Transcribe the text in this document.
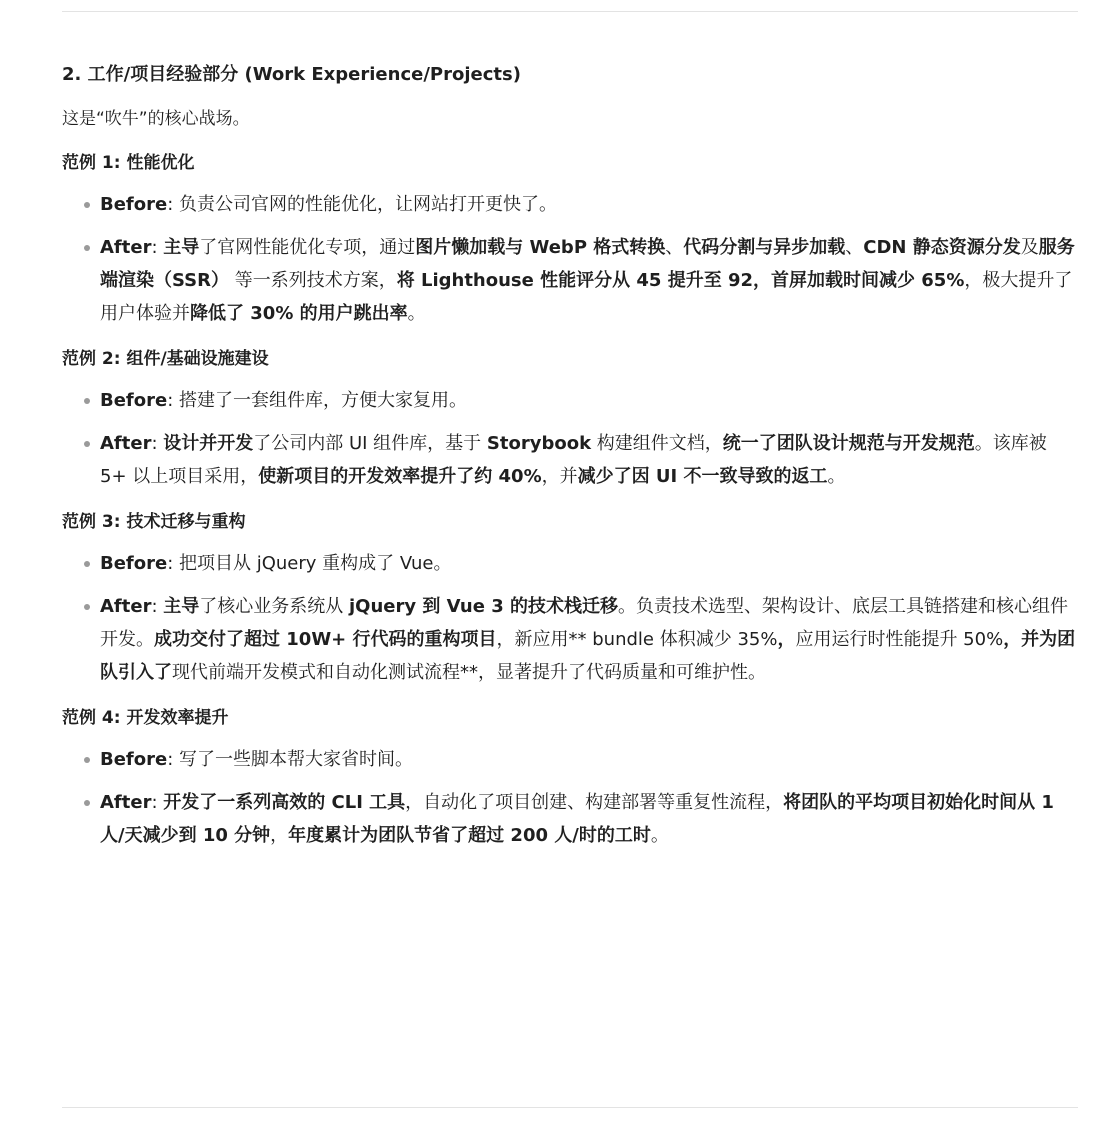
2. 工作/项目经验部分 (Work Experience/Projects)

这是“吹牛”的核心战场。

范例 1: 性能优化
Before: 负责公司官网的性能优化，让网站打开更快了。
After: 主导了官网性能优化专项，通过图片懒加载与 WebP 格式转换、代码分割与异步加载、CDN 静态资源分发及服务端渲染（SSR） 等一系列技术方案，将 Lighthouse 性能评分从 45 提升至 92，首屏加载时间减少 65%，极大提升了用户体验并降低了 30% 的用户跳出率。
范例 2: 组件/基础设施建设
Before: 搭建了一套组件库，方便大家复用。
After: 设计并开发了公司内部 UI 组件库，基于 Storybook 构建组件文档，统一了团队设计规范与开发规范。该库被 5+ 以上项目采用，使新项目的开发效率提升了约 40%，并减少了因 UI 不一致导致的返工。
范例 3: 技术迁移与重构
Before: 把项目从 jQuery 重构成了 Vue。
After: 主导了核心业务系统从 jQuery 到 Vue 3 的技术栈迁移。负责技术选型、架构设计、底层工具链搭建和核心组件开发。成功交付了超过 10W+ 行代码的重构项目，新应用** bundle 体积减少 35%，应用运行时性能提升 50%，并为团队引入了现代前端开发模式和自动化测试流程**，显著提升了代码质量和可维护性。
范例 4: 开发效率提升
Before: 写了一些脚本帮大家省时间。
After: 开发了一系列高效的 CLI 工具，自动化了项目创建、构建部署等重复性流程，将团队的平均项目初始化时间从 1 人/天减少到 10 分钟，年度累计为团队节省了超过 200 人/时的工时。
